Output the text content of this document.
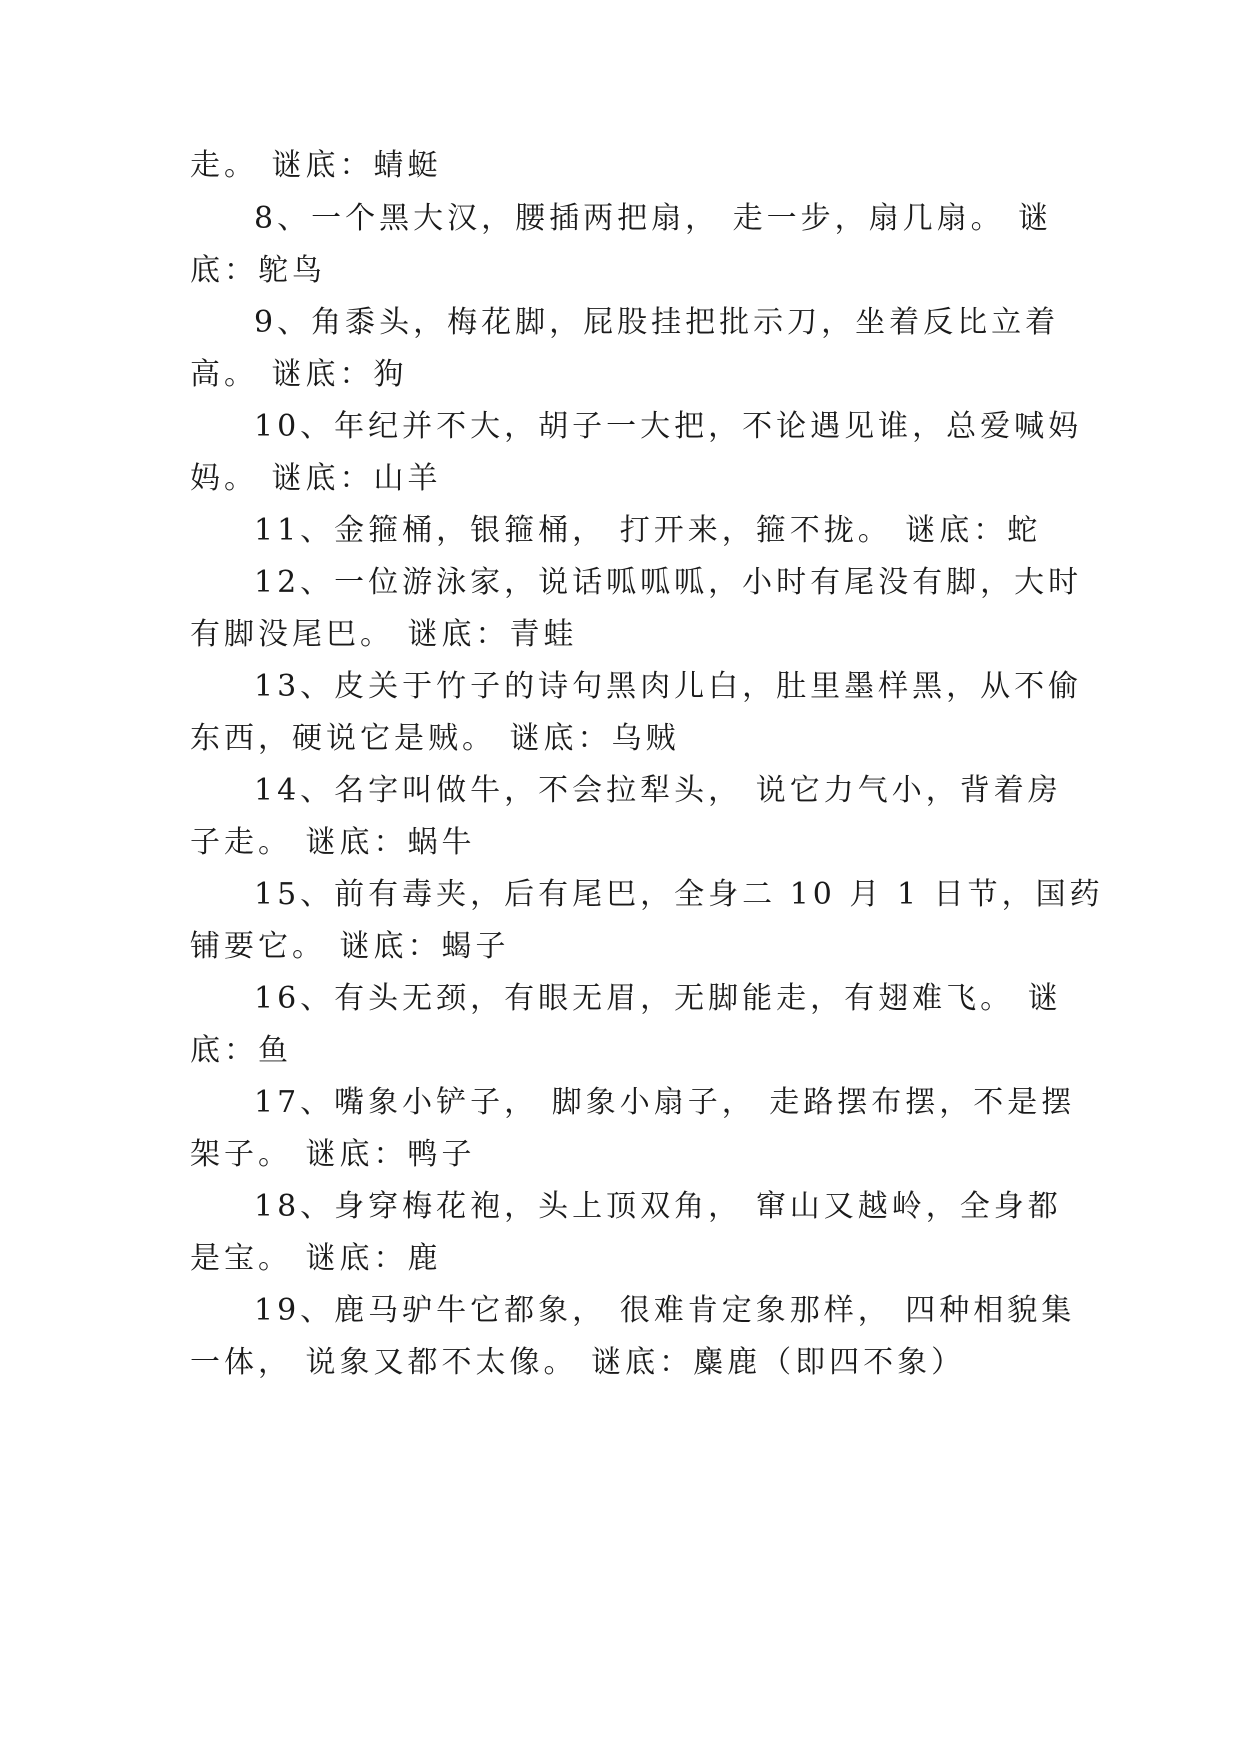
走。 谜底：蜻蜓
8、一个黑大汉，腰插两把扇， 走一步，扇几扇。 谜
底：鸵鸟
9、角黍头，梅花脚，屁股挂把批示刀，坐着反比立着
高。 谜底：狗
10、年纪并不大，胡子一大把，不论遇见谁，总爱喊妈
妈。 谜底：山羊
11、金箍桶，银箍桶， 打开来，箍不拢。 谜底：蛇
12、一位游泳家，说话呱呱呱，小时有尾没有脚，大时
有脚没尾巴。 谜底：青蛙
13、皮关于竹子的诗句黑肉儿白，肚里墨样黑，从不偷
东西，硬说它是贼。 谜底：乌贼
14、名字叫做牛，不会拉犁头， 说它力气小，背着房
子走。 谜底：蜗牛
15、前有毒夹，后有尾巴，全身二 10 月 1 日节，国药
铺要它。 谜底：蝎子
16、有头无颈，有眼无眉，无脚能走，有翅难飞。 谜
底：鱼
17、嘴象小铲子， 脚象小扇子， 走路摆布摆，不是摆
架子。 谜底：鸭子
18、身穿梅花袍，头上顶双角， 窜山又越岭，全身都
是宝。 谜底：鹿
19、鹿马驴牛它都象， 很难肯定象那样， 四种相貌集
一体， 说象又都不太像。 谜底：麋鹿（即四不象）
